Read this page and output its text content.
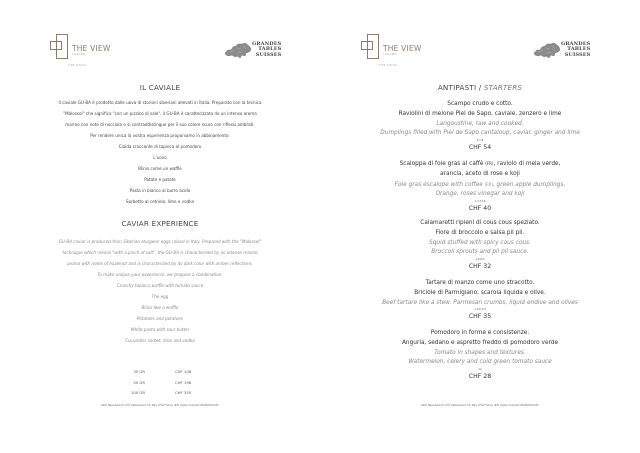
THE VIEW
LUGANO
FINE DINING
GRANDES
TABLES
SUISSES
IL CAVIALE
Il caviale GU-BA è prodotto dalle uova di storioni siberiani allevati in Italia. Preparato con la tecnica
"Malossol" che significa "con un pizzico di sale", il GU-BA è caratterizzato da un intenso aroma
marino con note di nocciola e si contraddistingue per il suo colore scuro con riflessi ambrati.
Per rendere unica la vostra esperienza proponiamo in abbinamento:
Cialda croccante di tapioca al pomodoro
L'uovo
Blinis come un waffle
Patate e patate
Pasta in bianco al burro acido
Sorbetto al cetriolo, lime e vodka
CAVIAR EXPERIENCE
GU-BA caviar is produced from Siberian sturgeon eggs raised in Italy. Prepared with the "Malossol"
technique which means "with a pinch of salt", the GU-BA is characterized by an intense marine
aroma with notes of hazelnut and is characterized by its dark color with amber reflections.
To make unique your experience, we propose a combination:
Crunchy tapioca waffle with tomato sauce
The egg
Blinis like a waffle
Potatoes and potatoes
White pasta with sour butter
Cucumber sorbet, lime and vodka
30 GR	CHF 106
50 GR	CHF 196
100 GR	CHF 355
(NZ) New Zeland (CH) Switzerland (IT) Italy (FR) France (ES) Spain Included IVA/MWST/VAT
THE VIEW
LUGANO
FINE DINING
GRANDES
TABLES
SUISSES
ANTIPASTI / STARTERS
Scampo crudo e cotto.
Raviolini di melone Piel de Sapo, caviale, zenzero e lime
Langoustine, raw and cooked.
Dumplings filled with Piel de Sapo cantaloup, caviar, ginger and lime
2,7,8
CHF 54
Scaloppa di foie gras al caffè (FR), raviolo di mela verde,
arancia, aceto di rose e koji
Foie gras escalope with coffee (FR), green apple dumplings,
Orange, roses vinegar and koji
1,3,7,10
CHF 40
Calamaretti ripieni di cous cous speziato.
Fiore di broccolo e salsa pil pil.
Squid stuffed with spicy cous cous.
Broccoli sprouts and pil pil sauce.
1,6,8,4
CHF 32
Tartare di manzo come uno stracotto.
Briciole di Parmigiano, scarola liquida e olive.
Beef tartare like a stew. Parmesan crumbs, liquid endive and olives
1,3,6,7,9
CHF 35
Pomodoro in forme e consistenze.
Anguria, sedano e aspretto freddo di pomodoro verde
Tomato in shapes and textures.
Watermelon, celery and cold green tomato sauce
12
CHF 28
(NZ) New Zeland (CH) Switzerland (IT) Italy (FR) France (ES) Spain Included IVA/MWST/VAT
